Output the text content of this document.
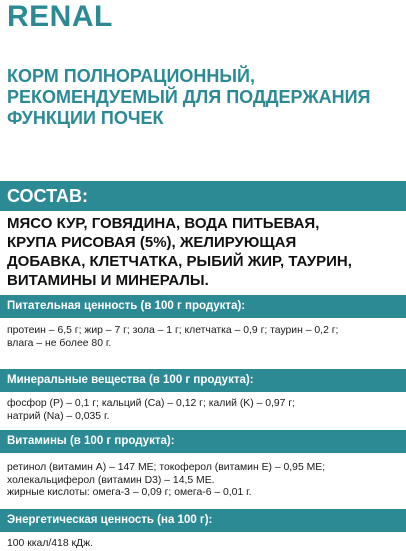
RENAL
КОРМ ПОЛНОРАЦИОННЫЙ,
РЕКОМЕНДУЕМЫЙ ДЛЯ ПОДДЕРЖАНИЯ
ФУНКЦИИ ПОЧЕК
СОСТАВ:
МЯСО КУР, ГОВЯДИНА, ВОДА ПИТЬЕВАЯ,
КРУПА РИСОВАЯ (5%), ЖЕЛИРУЮЩАЯ
ДОБАВКА, КЛЕТЧАТКА, РЫБИЙ ЖИР, ТАУРИН,
ВИТАМИНЫ И МИНЕРАЛЫ.
Питательная ценность (в 100 г продукта):
протеин – 6,5 г; жир – 7 г; зола – 1 г; клетчатка – 0,9 г; таурин – 0,2 г;
влага – не более 80 г.
Минеральные вещества (в 100 г продукта):
фосфор (P) – 0,1 г; кальций (Ca) – 0,12 г; калий (K) – 0,97 г;
натрий (Na) – 0,035 г.
Витамины (в 100 г продукта):
ретинол (витамин А) – 147 МЕ; токоферол (витамин Е) – 0,95 МЕ;
холекальциферол (витамин D3) – 14,5 МЕ.
жирные кислоты: омега-3 – 0,09 г; омега-6 – 0,01 г.
Энергетическая ценность (на 100 г):
100 ккал/418 кДж.
